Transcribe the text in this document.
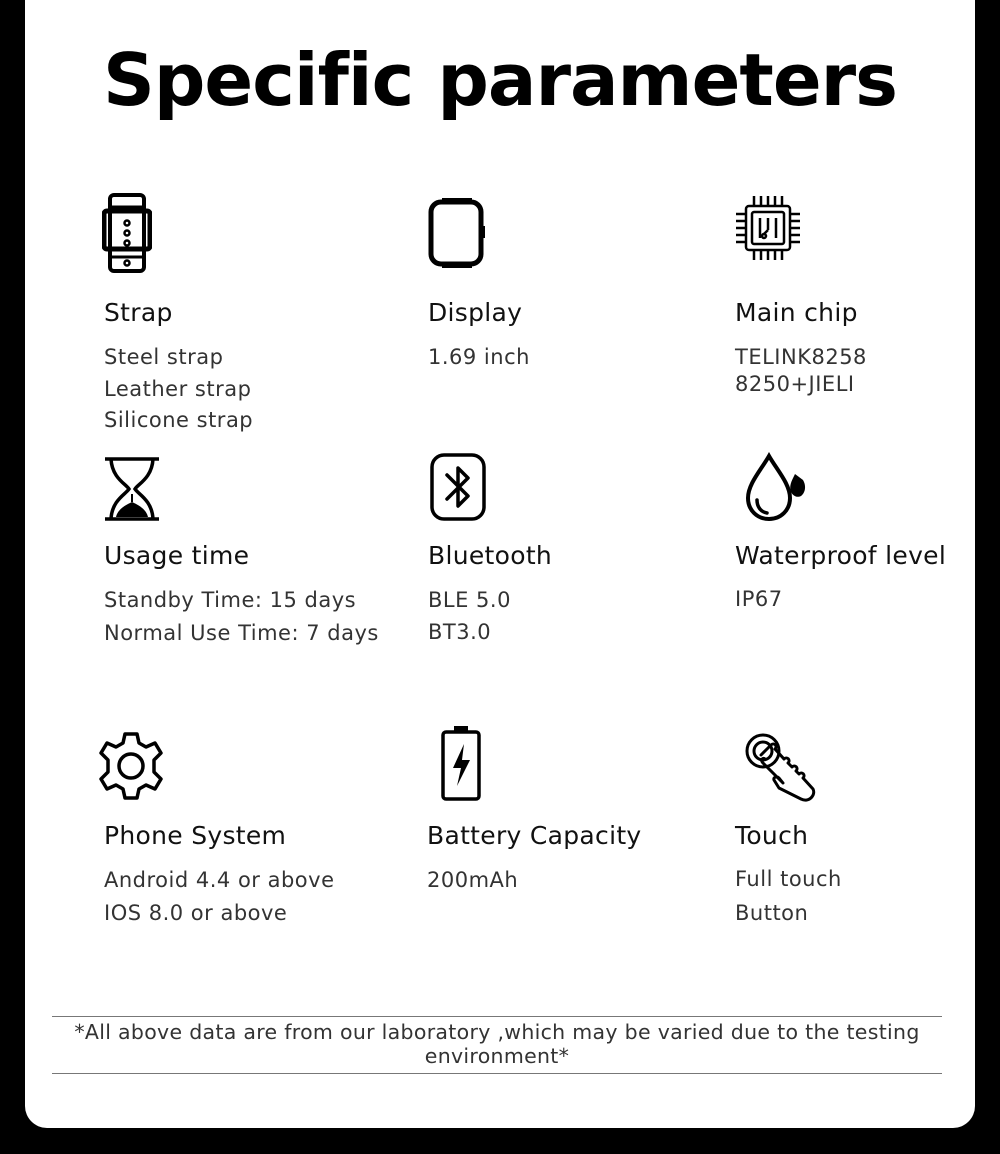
Specific parameters
Strap
Steel strap
Leather strap
Silicone strap
Display
1.69 inch
Main chip
TELINK8258
8250+JIELI
Usage time
Standby Time: 15 days
Normal Use Time: 7 days
Bluetooth
BLE 5.0
BT3.0
Waterproof level
IP67
Phone System
Android 4.4 or above
IOS 8.0 or above
Battery Capacity
200mAh
Touch
Full touch
Button
*All above data are from our laboratory ,which may be varied due to the testing environment*
